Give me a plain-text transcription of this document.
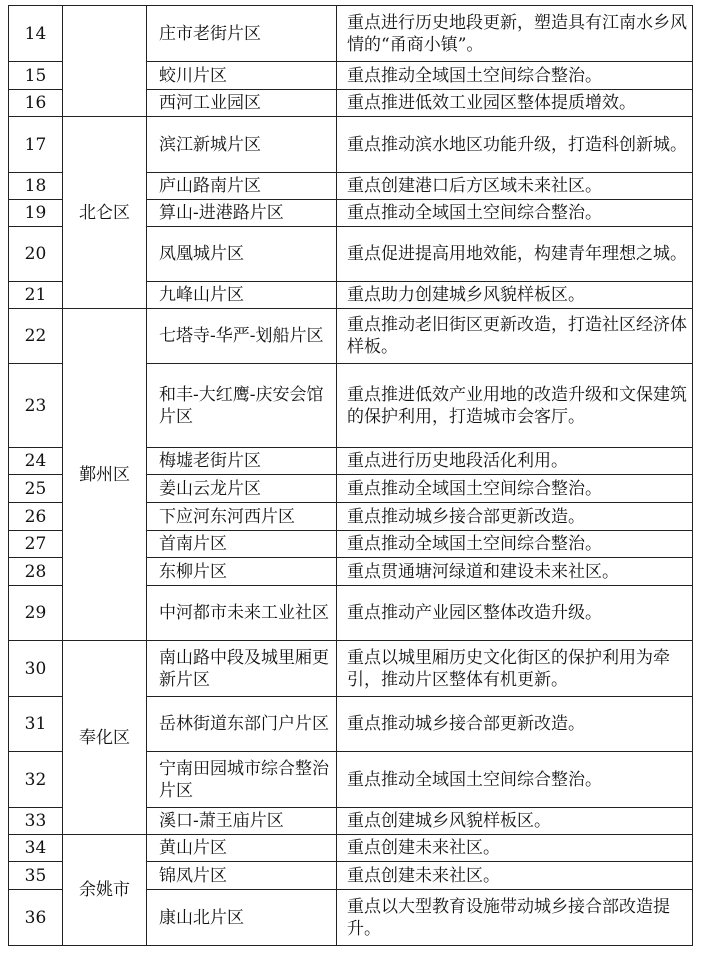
14		庄市老街片区	重点进行历史地段更新，塑造具有江南水乡风情的“甬商小镇”。
15		蛟川片区	重点推动全域国土空间综合整治。
16		西河工业园区	重点推进低效工业园区整体提质增效。
17	北仑区	滨江新城片区	重点推动滨水地区功能升级，打造科创新城。
18		庐山路南片区	重点创建港口后方区域未来社区。
19		算山-进港路片区	重点推动全域国土空间综合整治。
20		凤凰城片区	重点促进提高用地效能，构建青年理想之城。
21		九峰山片区	重点助力创建城乡风貌样板区。
22	鄞州区	七塔寺-华严-划船片区	重点推动老旧街区更新改造，打造社区经济体样板。
23		和丰-大红鹰-庆安会馆片区	重点推进低效产业用地的改造升级和文保建筑的保护利用，打造城市会客厅。
24		梅墟老街片区	重点进行历史地段活化利用。
25		姜山云龙片区	重点推动全域国土空间综合整治。
26		下应河东河西片区	重点推动城乡接合部更新改造。
27		首南片区	重点推动全域国土空间综合整治。
28		东柳片区	重点贯通塘河绿道和建设未来社区。
29		中河都市未来工业社区	重点推动产业园区整体改造升级。
30	奉化区	南山路中段及城里厢更新片区	重点以城里厢历史文化街区的保护利用为牵引，推动片区整体有机更新。
31		岳林街道东部门户片区	重点推动城乡接合部更新改造。
32		宁南田园城市综合整治片区	重点推动全域国土空间综合整治。
33		溪口-萧王庙片区	重点创建城乡风貌样板区。
34	余姚市	黄山片区	重点创建未来社区。
35		锦凤片区	重点创建未来社区。
36		康山北片区	重点以大型教育设施带动城乡接合部改造提升。
